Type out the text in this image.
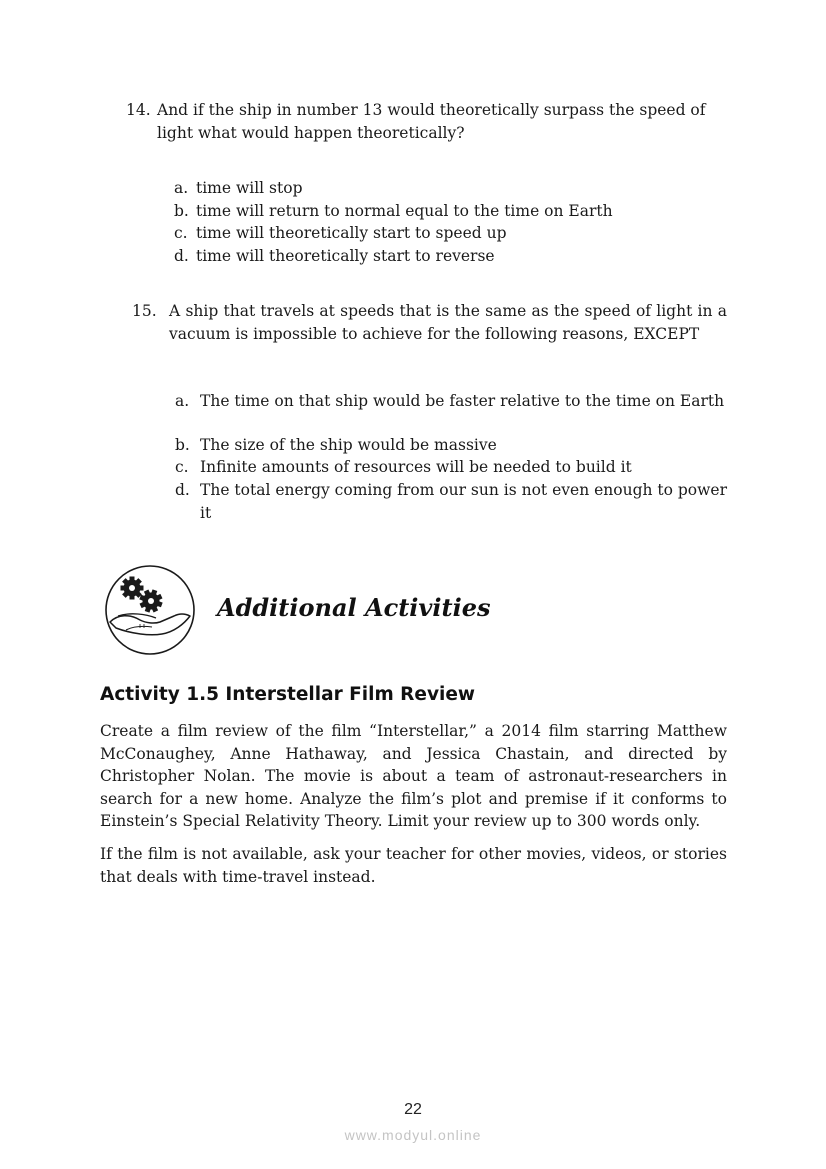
14. And if the ship in number 13 would theoretically surpass the speed of
light what would happen theoretically?
a. time will stop
b. time will return to normal equal to the time on Earth
c. time will theoretically start to speed up
d. time will theoretically start to reverse
15. A ship that travels at speeds that is the same as the speed of light in a vacuum is impossible to achieve for the following reasons, EXCEPT
a. The time on that ship would be faster relative to the time on Earth
b. The size of the ship would be massive
c. Infinite amounts of resources will be needed to build it
d. The total energy coming from our sun is not even enough to power it
Additional Activities
Activity 1.5 Interstellar Film Review

Create a film review of the film “Interstellar,” a 2014 film starring Matthew McConaughey, Anne Hathaway, and Jessica Chastain, and directed by Christopher Nolan. The movie is about a team of astronaut-researchers in search for a new home. Analyze the film’s plot and premise if it conforms to Einstein’s Special Relativity Theory. Limit your review up to 300 words only.

If the film is not available, ask your teacher for other movies, videos, or stories that deals with time-travel instead.

22
www.modyul.online
